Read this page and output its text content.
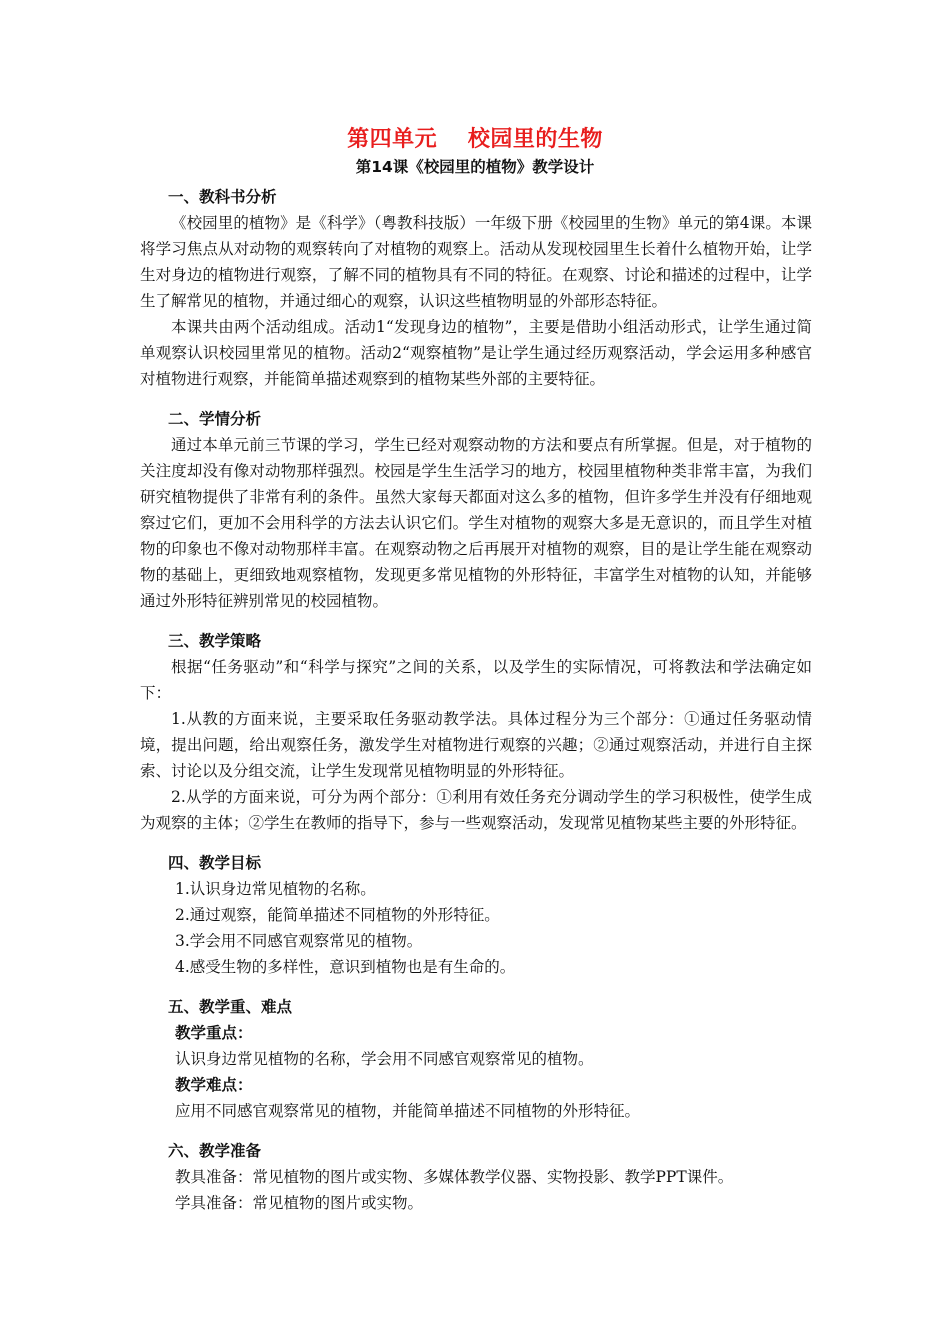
第四单元　 校园里的生物
第14课《校园里的植物》教学设计
一、教科书分析

《校园里的植物》是《科学》（粤教科技版）一年级下册《校园里的生物》单元的第4课。本课将学习焦点从对动物的观察转向了对植物的观察上。活动从发现校园里生长着什么植物开始，让学生对身边的植物进行观察，了解不同的植物具有不同的特征。在观察、讨论和描述的过程中，让学生了解常见的植物，并通过细心的观察，认识这些植物明显的外部形态特征。

本课共由两个活动组成。活动1“发现身边的植物”，主要是借助小组活动形式，让学生通过简单观察认识校园里常见的植物。活动2“观察植物”是让学生通过经历观察活动，学会运用多种感官对植物进行观察，并能简单描述观察到的植物某些外部的主要特征。

二、学情分析

通过本单元前三节课的学习，学生已经对观察动物的方法和要点有所掌握。但是，对于植物的关注度却没有像对动物那样强烈。校园是学生生活学习的地方，校园里植物种类非常丰富，为我们研究植物提供了非常有利的条件。虽然大家每天都面对这么多的植物，但许多学生并没有仔细地观察过它们，更加不会用科学的方法去认识它们。学生对植物的观察大多是无意识的，而且学生对植物的印象也不像对动物那样丰富。在观察动物之后再展开对植物的观察，目的是让学生能在观察动物的基础上，更细致地观察植物，发现更多常见植物的外形特征，丰富学生对植物的认知，并能够通过外形特征辨别常见的校园植物。

三、教学策略

根据“任务驱动”和“科学与探究”之间的关系，以及学生的实际情况，可将教法和学法确定如下：

1.从教的方面来说，主要采取任务驱动教学法。具体过程分为三个部分：①通过任务驱动情境，提出问题，给出观察任务，激发学生对植物进行观察的兴趣；②通过观察活动，并进行自主探索、讨论以及分组交流，让学生发现常见植物明显的外形特征。

2.从学的方面来说，可分为两个部分：①利用有效任务充分调动学生的学习积极性，使学生成为观察的主体；②学生在教师的指导下，参与一些观察活动，发现常见植物某些主要的外形特征。

四、教学目标
1.认识身边常见植物的名称。
2.通过观察，能简单描述不同植物的外形特征。
3.学会用不同感官观察常见的植物。
4.感受生物的多样性，意识到植物也是有生命的。
五、教学重、难点
教学重点：
认识身边常见植物的名称，学会用不同感官观察常见的植物。
教学难点：
应用不同感官观察常见的植物，并能简单描述不同植物的外形特征。
六、教学准备
教具准备：常见植物的图片或实物、多媒体教学仪器、实物投影、教学PPT课件。
学具准备：常见植物的图片或实物。
